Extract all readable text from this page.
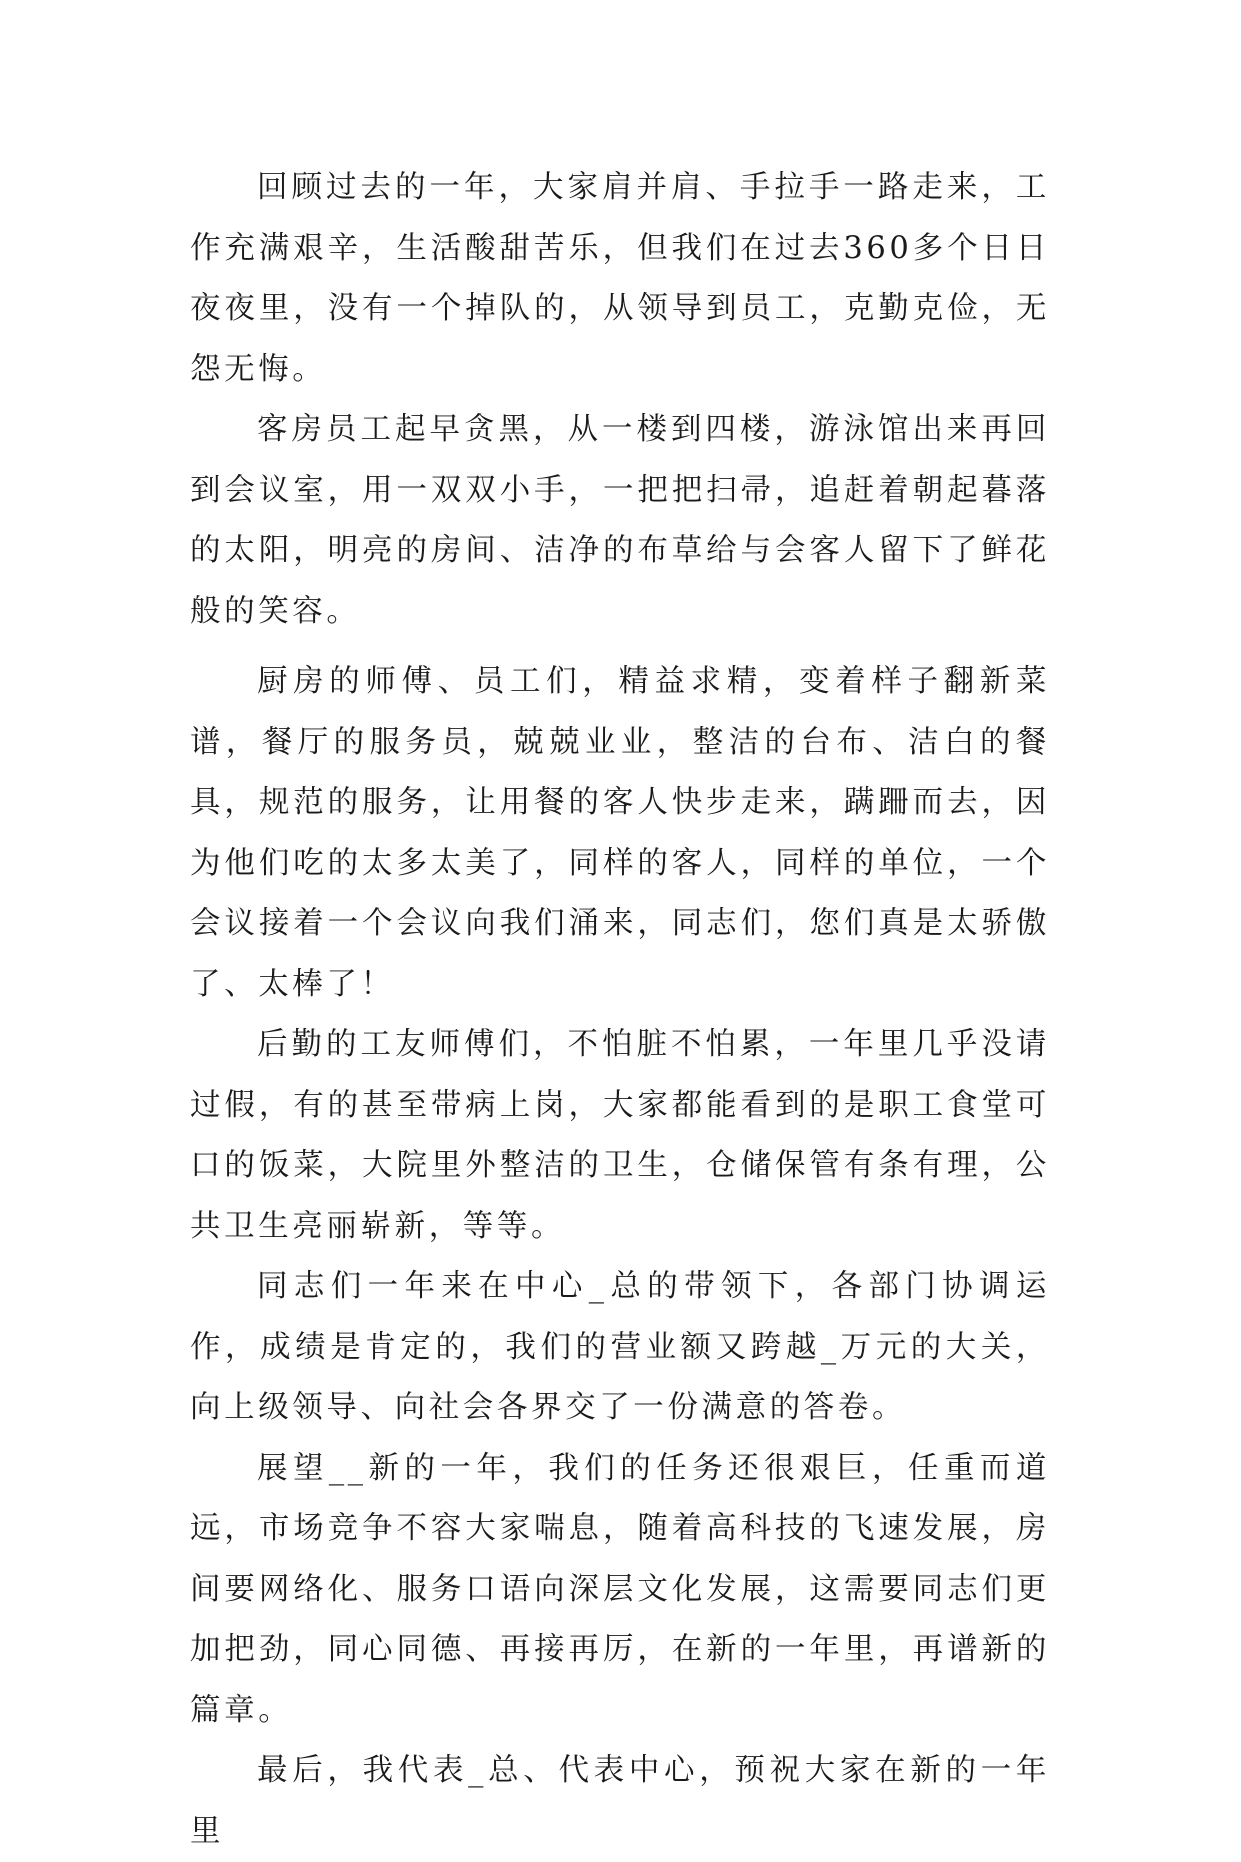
回顾过去的一年，大家肩并肩、手拉手一路走来，工作充满艰辛，生活酸甜苦乐，但我们在过去360多个日日夜夜里，没有一个掉队的，从领导到员工，克勤克俭，无怨无悔。

客房员工起早贪黑，从一楼到四楼，游泳馆出来再回到会议室，用一双双小手，一把把扫帚，追赶着朝起暮落的太阳，明亮的房间、洁净的布草给与会客人留下了鲜花般的笑容。

厨房的师傅、员工们，精益求精，变着样子翻新菜谱，餐厅的服务员，兢兢业业，整洁的台布、洁白的餐具，规范的服务，让用餐的客人快步走来，蹒跚而去，因为他们吃的太多太美了，同样的客人，同样的单位，一个会议接着一个会议向我们涌来，同志们，您们真是太骄傲了、太棒了！

后勤的工友师傅们，不怕脏不怕累，一年里几乎没请过假，有的甚至带病上岗，大家都能看到的是职工食堂可口的饭菜，大院里外整洁的卫生，仓储保管有条有理，公共卫生亮丽崭新，等等。

同志们一年来在中心_总的带领下，各部门协调运作，成绩是肯定的，我们的营业额又跨越_万元的大关，向上级领导、向社会各界交了一份满意的答卷。

展望__新的一年，我们的任务还很艰巨，任重而道远，市场竞争不容大家喘息，随着高科技的飞速发展，房间要网络化、服务口语向深层文化发展，这需要同志们更加把劲，同心同德、再接再厉，在新的一年里，再谱新的篇章。

最后，我代表_总、代表中心，预祝大家在新的一年里
